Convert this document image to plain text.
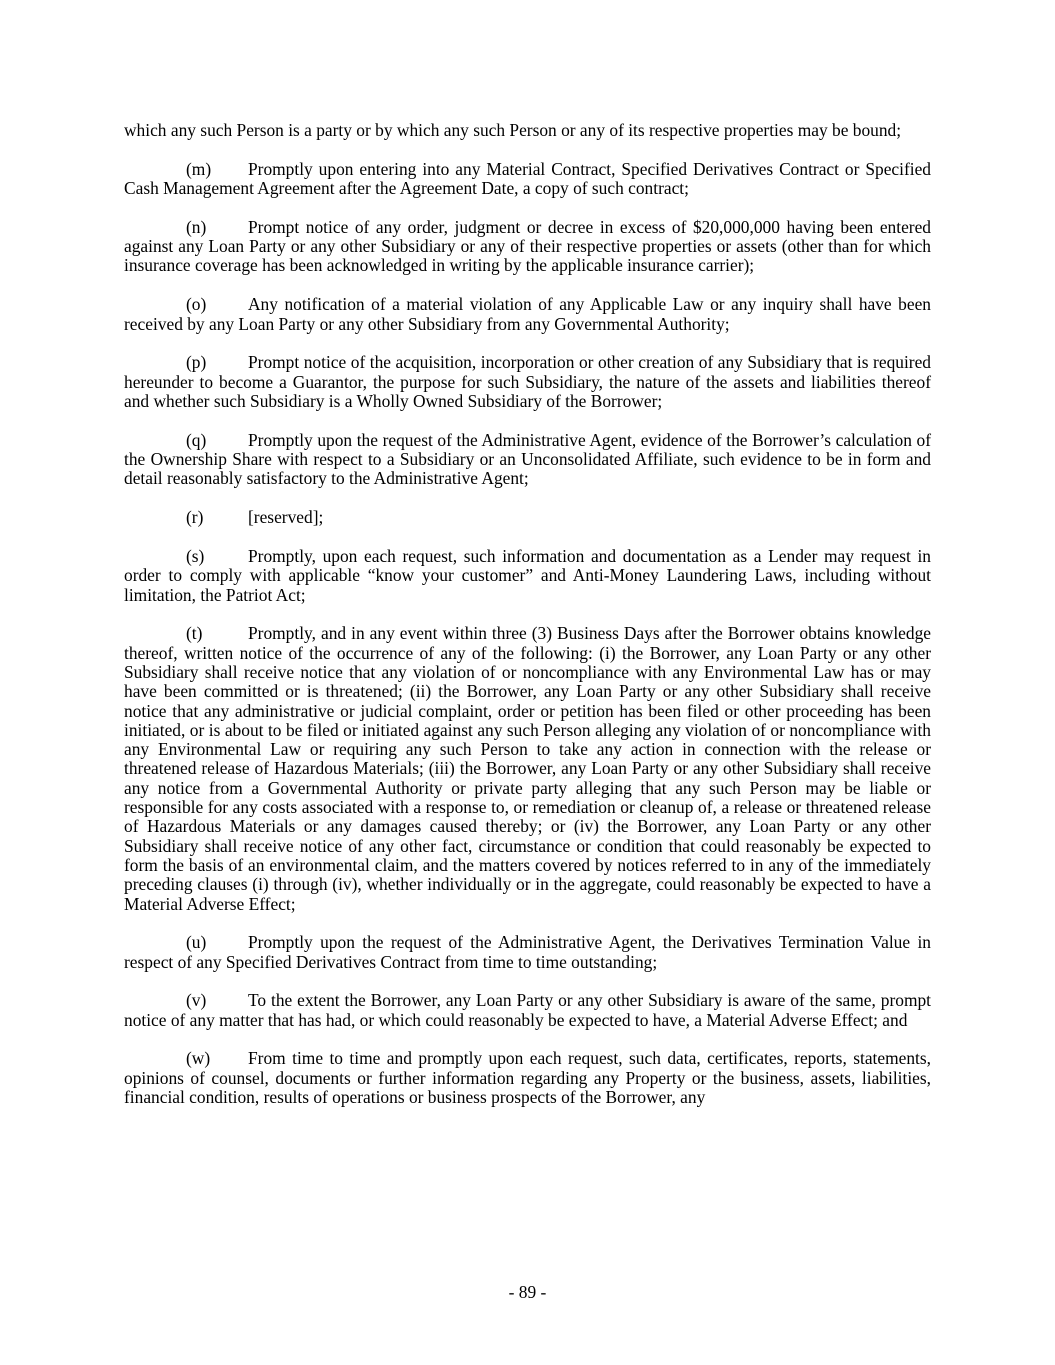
which any such Person is a party or by which any such Person or any of its respective properties may be bound;

(m) Promptly upon entering into any Material Contract, Specified Derivatives Contract or Specified Cash Management Agreement after the Agreement Date, a copy of such contract;

(n) Prompt notice of any order, judgment or decree in excess of $20,000,000 having been entered against any Loan Party or any other Subsidiary or any of their respective properties or assets (other than for which insurance coverage has been acknowledged in writing by the applicable insurance carrier);

(o) Any notification of a material violation of any Applicable Law or any inquiry shall have been received by any Loan Party or any other Subsidiary from any Governmental Authority;

(p) Prompt notice of the acquisition, incorporation or other creation of any Subsidiary that is required hereunder to become a Guarantor, the purpose for such Subsidiary, the nature of the assets and liabilities thereof and whether such Subsidiary is a Wholly Owned Subsidiary of the Borrower;

(q) Promptly upon the request of the Administrative Agent, evidence of the Borrower’s calculation of the Ownership Share with respect to a Subsidiary or an Unconsolidated Affiliate, such evidence to be in form and detail reasonably satisfactory to the Administrative Agent;

(r)	[reserved];

(s)	Promptly, upon each request, such information and documentation as a Lender may request in order to comply with applicable “know your customer” and Anti-Money Laundering Laws, including without limitation, the Patriot Act;

(t)	Promptly, and in any event within three (3) Business Days after the Borrower obtains knowledge thereof, written notice of the occurrence of any of the following: (i) the Borrower, any Loan Party or any other Subsidiary shall receive notice that any violation of or noncompliance with any Environmental Law has or may have been committed or is threatened; (ii) the Borrower, any Loan Party or any other Subsidiary shall receive notice that any administrative or judicial complaint, order or petition has been filed or other proceeding has been initiated, or is about to be filed or initiated against any such Person alleging any violation of or noncompliance with any Environmental Law or requiring any such Person to take any action in connection with the release or threatened release of Hazardous Materials; (iii) the Borrower, any Loan Party or any other Subsidiary shall receive any notice from a Governmental Authority or private party alleging that any such Person may be liable or responsible for any costs associated with a response to, or remediation or cleanup of, a release or threatened release of Hazardous Materials or any damages caused thereby; or (iv) the Borrower, any Loan Party or any other Subsidiary shall receive notice of any other fact, circumstance or condition that could reasonably be expected to form the basis of an environmental claim, and the matters covered by notices referred to in any of the immediately preceding clauses (i) through (iv), whether individually or in the aggregate, could reasonably be expected to have a Material Adverse Effect;

(u) Promptly upon the request of the Administrative Agent, the Derivatives Termination Value in respect of any Specified Derivatives Contract from time to time outstanding;

(v) To the extent the Borrower, any Loan Party or any other Subsidiary is aware of the same, prompt notice of any matter that has had, or which could reasonably be expected to have, a Material Adverse Effect; and

(w) From time to time and promptly upon each request, such data, certificates, reports, statements, opinions of counsel, documents or further information regarding any Property or the business, assets, liabilities, financial condition, results of operations or business prospects of the Borrower, any

- 89 -
